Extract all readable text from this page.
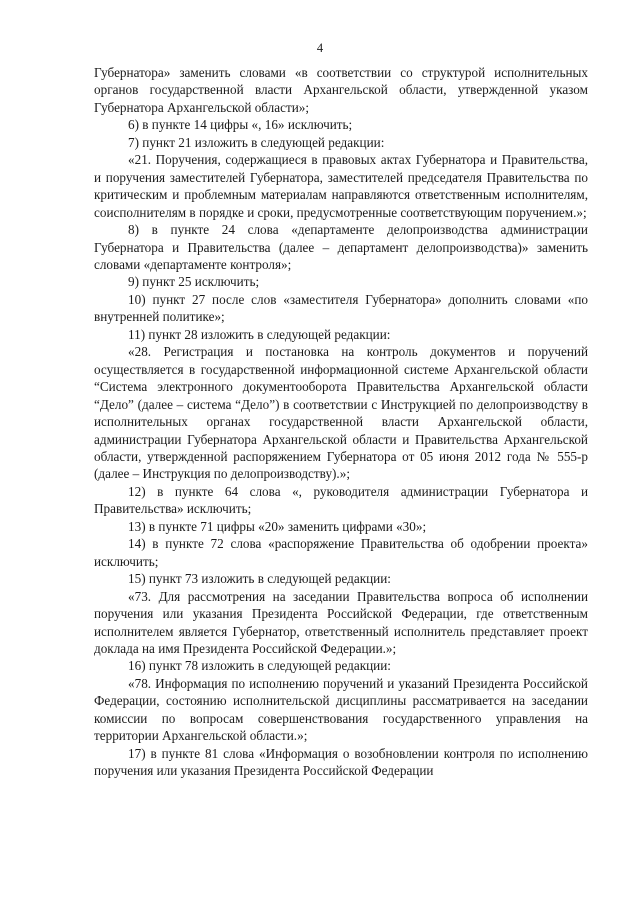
4

Губернатора» заменить словами «в соответствии со структурой исполнительных органов государственной власти Архангельской области, утвержденной указом Губернатора Архангельской области»;

6) в пункте 14 цифры «, 16» исключить;

7) пункт 21 изложить в следующей редакции:

«21. Поручения, содержащиеся в правовых актах Губернатора и Правительства, и поручения заместителей Губернатора, заместителей председателя Правительства по критическим и проблемным материалам направляются ответственным исполнителям, соисполнителям в порядке и сроки, предусмотренные соответствующим поручением.»;

8) в пункте 24 слова «департаменте делопроизводства администрации Губернатора и Правительства (далее – департамент делопроизводства)» заменить словами «департаменте контроля»;

9) пункт 25 исключить;

10) пункт 27 после слов «заместителя Губернатора» дополнить словами «по внутренней политике»;

11) пункт 28 изложить в следующей редакции:

«28. Регистрация и постановка на контроль документов и поручений осуществляется в государственной информационной системе Архангельской области “Система электронного документооборота Правительства Архангельской области “Дело” (далее – система “Дело”) в соответствии с Инструкцией по делопроизводству в исполнительных органах государственной власти Архангельской области, администрации Губернатора Архангельской области и Правительства Архангельской области, утвержденной распоряжением Губернатора от 05 июня 2012 года № 555-р (далее – Инструкция по делопроизводству).»;

12) в пункте 64 слова «, руководителя администрации Губернатора и Правительства» исключить;

13) в пункте 71 цифры «20» заменить цифрами «30»;

14) в пункте 72 слова «распоряжение Правительства об одобрении проекта» исключить;

15) пункт 73 изложить в следующей редакции:

«73. Для рассмотрения на заседании Правительства вопроса об исполнении поручения или указания Президента Российской Федерации, где ответственным исполнителем является Губернатор, ответственный исполнитель представляет проект доклада на имя Президента Российской Федерации.»;

16) пункт 78 изложить в следующей редакции:

«78. Информация по исполнению поручений и указаний Президента Российской Федерации, состоянию исполнительской дисциплины рассматривается на заседании комиссии по вопросам совершенствования государственного управления на территории Архангельской области.»;

17) в пункте 81 слова «Информация о возобновлении контроля по исполнению поручения или указания Президента Российской Федерации
